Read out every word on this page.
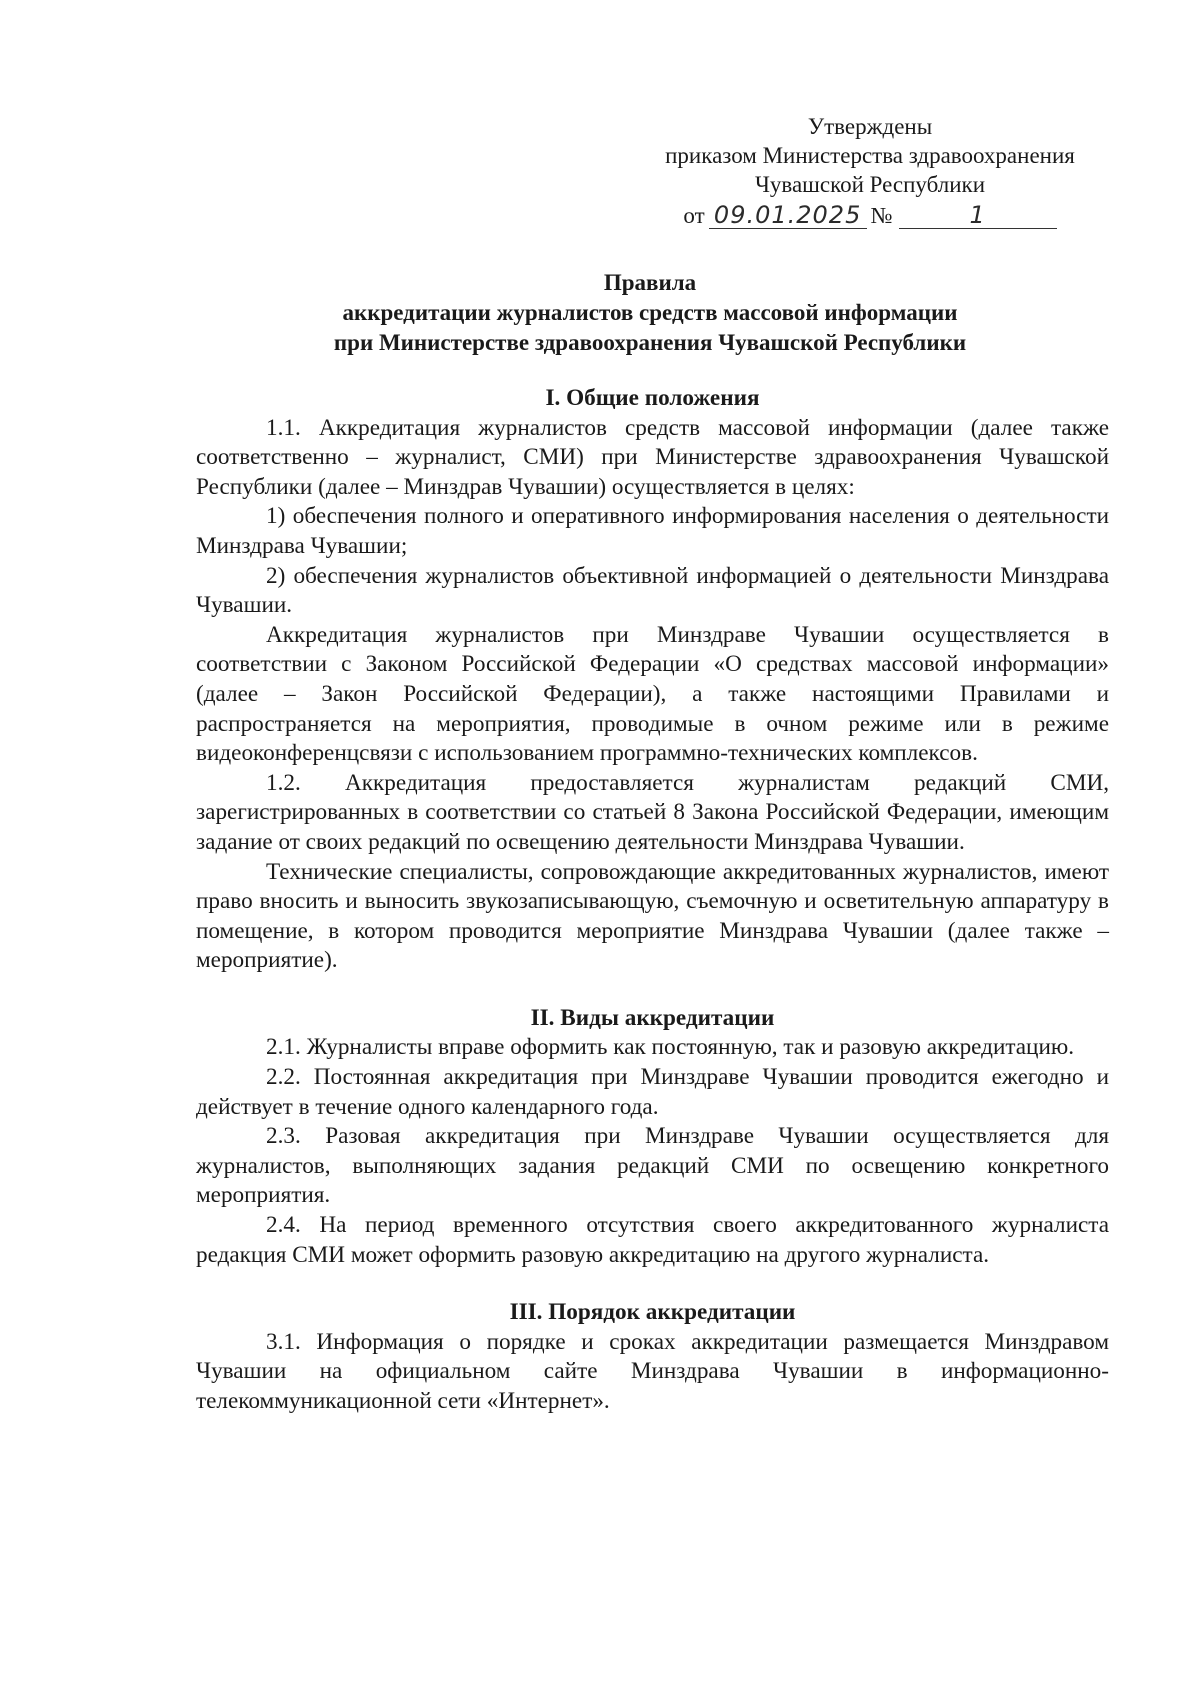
Утверждены
приказом Министерства здравоохранения
Чувашской Республики
от 09.01.2025 №	1
Правила
аккредитации журналистов средств массовой информации
при Министерстве здравоохранения Чувашской Республики

I. Общие положения

1.1. Аккредитация журналистов средств массовой информации (далее также соответственно – журналист, СМИ) при Министерстве здравоохранения Чувашской Республики (далее – Минздрав Чувашии) осуществляется в целях:

1) обеспечения полного и оперативного информирования населения о деятельности Минздрава Чувашии;

2) обеспечения журналистов объективной информацией о деятельности Минздрава Чувашии.

Аккредитация журналистов при Минздраве Чувашии осуществляется в соответствии с Законом Российской Федерации «О средствах массовой информации» (далее – Закон Российской Федерации), а также настоящими Правилами и распространяется на мероприятия, проводимые в очном режиме или в режиме видеоконференцсвязи с использованием программно-технических комплексов.

1.2. Аккредитация предоставляется журналистам редакций СМИ, зарегистрированных в соответствии со статьей 8 Закона Российской Федерации, имеющим задание от своих редакций по освещению деятельности Минздрава Чувашии.

Технические специалисты, сопровождающие аккредитованных журналистов, имеют право вносить и выносить звукозаписывающую, съемочную и осветительную аппаратуру в помещение, в котором проводится мероприятие Минздрава Чувашии (далее также – мероприятие).

II. Виды аккредитации

2.1. Журналисты вправе оформить как постоянную, так и разовую аккредитацию.

2.2. Постоянная аккредитация при Минздраве Чувашии проводится ежегодно и действует в течение одного календарного года.

2.3. Разовая аккредитация при Минздраве Чувашии осуществляется для журналистов, выполняющих задания редакций СМИ по освещению конкретного мероприятия.

2.4. На период временного отсутствия своего аккредитованного журналиста редакция СМИ может оформить разовую аккредитацию на другого журналиста.

III. Порядок аккредитации

3.1. Информация о порядке и сроках аккредитации размещается Минздравом Чувашии на официальном сайте Минздрава Чувашии в информационно-телекоммуникационной сети «Интернет».
